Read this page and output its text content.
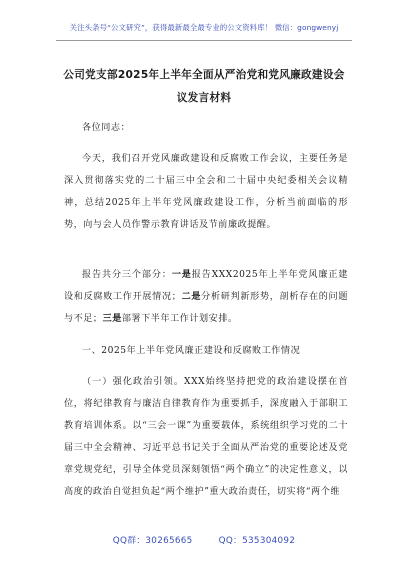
关注头条号“公文研究”，获得最新最全最专业的公文资料库！ 微信：gongwenyj
公司党支部2025年上半年全面从严治党和党风廉政建设会议发言材料
各位同志：
今天，我们召开党风廉政建设和反腐败工作会议，主要任务是深入贯彻落实党的二十届三中全会和二十届中央纪委相关会议精神，总结2025年上半年党风廉政建设工作，分析当前面临的形势，向与会人员作警示教育讲话及节前廉政提醒。
报告共分三个部分：一是报告XXX2025年上半年党风廉正建设和反腐败工作开展情况；二是分析研判新形势，剖析存在的问题与不足；三是部署下半年工作计划安排。
一、2025年上半年党风廉正建设和反腐败工作情况
（一）强化政治引领。XXX始终坚持把党的政治建设摆在首位，将纪律教育与廉洁自律教育作为重要抓手，深度融入于部职工教育培训体系。以“三会一课”为重要载体，系统组织学习党的二十届三中全会精神、习近平总书记关于全面从严治党的重要论述及党章党规党纪，引导全体党员深刻领悟“两个确立”的决定性意义，以高度的政治自觉担负起“两个维护”重大政治责任，切实将“两个维
QQ群：30265665	QQ：535304092
